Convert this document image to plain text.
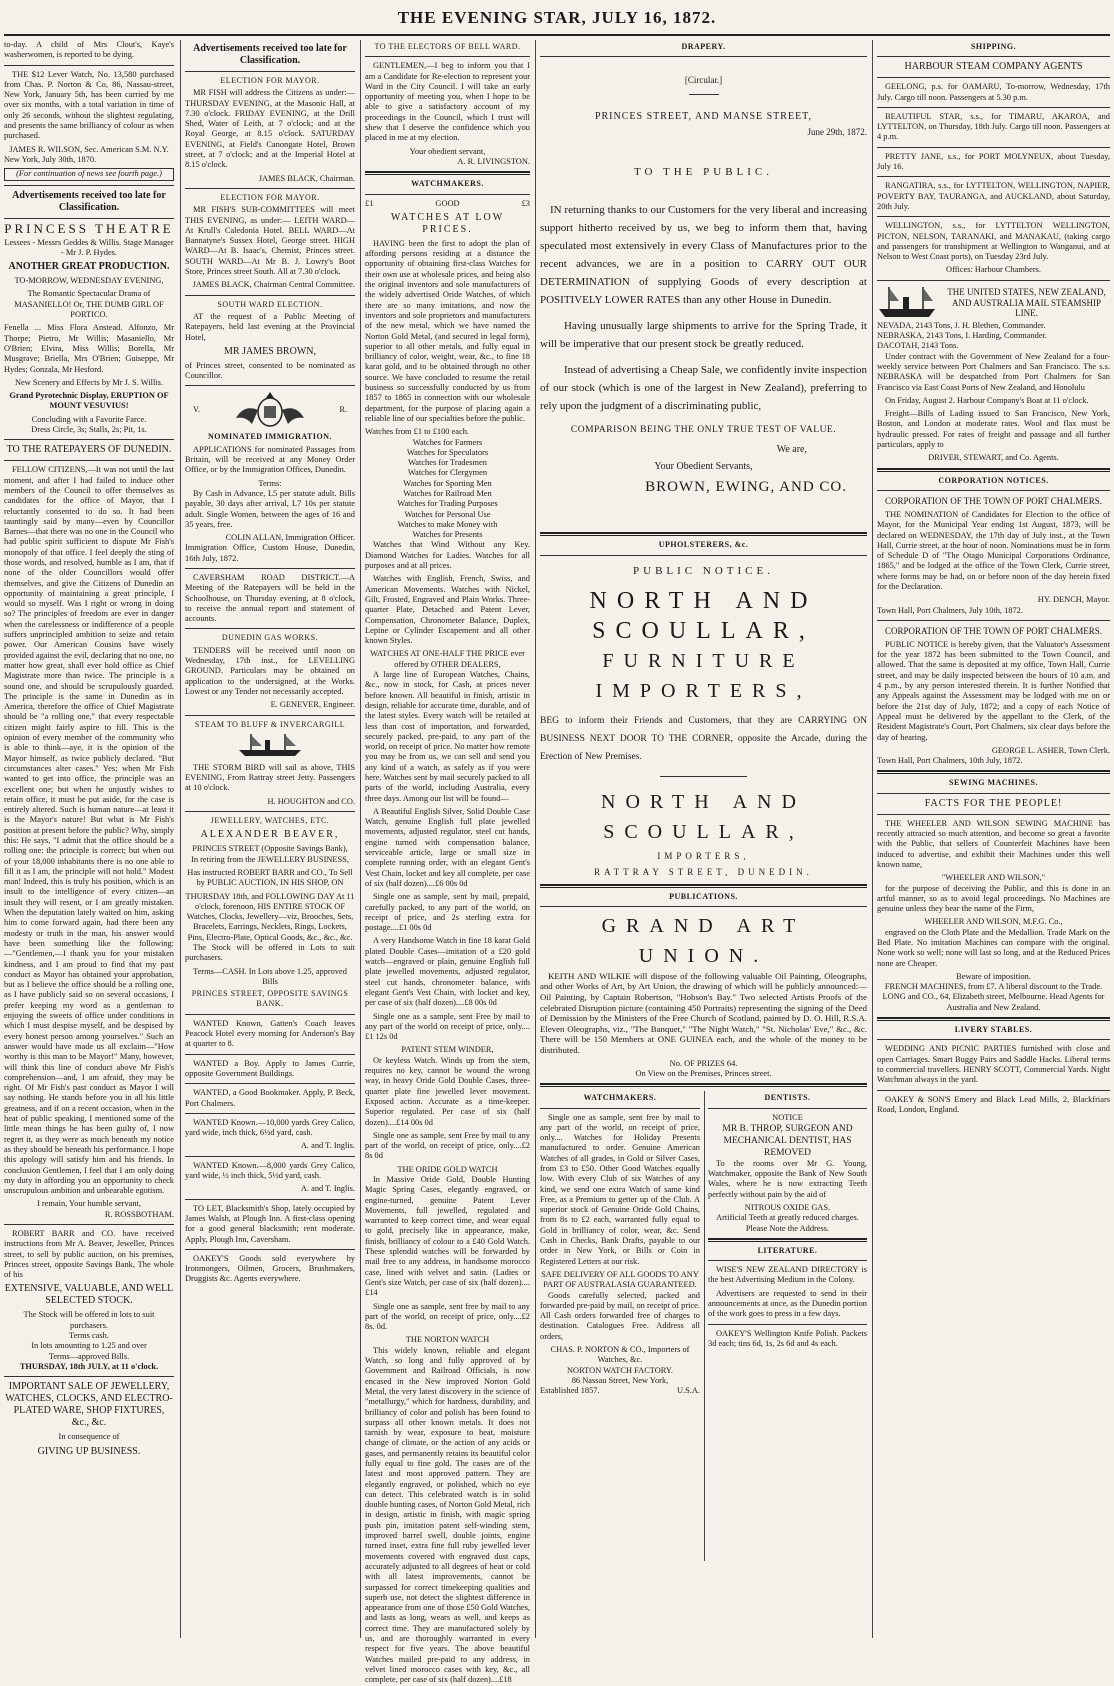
THE EVENING STAR, JULY 16, 1872.

to-day. A child of Mrs Clout's, Kaye's washerwomen, is reported to be dying.

THE $12 Lever Watch, No. 13,580 purchased from Chas. P. Norton & Co, 86, Nassau-street, New York, January 5th, has been carried by me over six months, with a total variation in time of only 26 seconds, without the slightest regulating, and presents the same brilliancy of colour as when purchased.

JAMES R. WILSON, Sec. American S.M. N.Y.
New York, July 30th, 1870.
(For continuation of news see fourth page.)
Advertisements received too late for Classification.
PRINCESS THEATRE
Lessees - Messrs Geddes & Willis. Stage Manager - Mr J. P. Hydes.
ANOTHER GREAT PRODUCTION.
TO-MORROW, WEDNESDAY EVENING,
The Romantic Spectacular Drama of MASANIELLO! Or, THE DUMB GIRL OF PORTICO.

Fenella ... Miss Flora Anstead. Alfonzo, Mr Thorpe; Pietro, Mr Willis; Masaniello, Mr O'Brien; Elvira, Miss Willis; Borella, Mr Musgrave; Briella, Mrs O'Brien; Guiseppe, Mr Hydes; Gonzala, Mr Hesford.

New Scenery and Effects by Mr J. S. Willis.
Grand Pyrotechnic Display, ERUPTION OF MOUNT VESUVIUS!
Concluding with a Favorite Farce.
Dress Circle, 3s; Stalls, 2s; Pit, 1s.
TO THE RATEPAYERS OF DUNEDIN.

FELLOW CITIZENS,—It was not until the last moment, and after I had failed to induce other members of the Council to offer themselves as candidates for the office of Mayor, that I reluctantly consented to do so. It had been tauntingly said by many—even by Councillor Barnes—that there was no one in the Council who had public spirit sufficient to dispute Mr Fish's monopoly of that office. I feel deeply the sting of those words, and resolved, humble as I am, that if none of the older Councillors would offer themselves, and give the Citizens of Dunedin an opportunity of maintaining a great principle, I would so myself. Was I right or wrong in doing so? The principles of freedom are ever in danger when the carelessness or indifference of a people suffers unprincipled ambition to seize and retain power. Our American Cousins have wisely provided against the evil, declaring that no one, no matter how great, shall ever hold office as Chief Magistrate more than twice. The principle is a sound one, and should be scrupulously guarded. The principle is the same in Dunedin as in America, therefore the office of Chief Magistrate should be "a rolling one," that every respectable citizen might fairly aspire to fill. This is the opinion of every member of the community who is able to think—aye, it is the opinion of the Mayor himself, as twice publicly declared. "But circumstances alter cases." Yes; when Mr Fish wanted to get into office, the principle was an excellent one; but when he unjustly wishes to retain office, it must be put aside, for the case is entirely altered. Such is human nature—at least it is the Mayor's nature! But what is Mr Fish's position at present before the public? Why, simply this: He says, "I admit that the office should be a rolling one: the principle is correct; but when out of your 18,000 inhabitants there is no one able to fill it as I am, the principle will not hold." Modest man! Indeed, this is truly his position, which is an insult to the intelligence of every citizen—an insult they will resent, or I am greatly mistaken. When the deputation lately waited on him, asking him to come forward again, had there been any modesty or truth in the man, his answer would have been something like the following:—"Gentlemen,—I thank you for your mistaken kindness, and I am proud to find that my past conduct as Mayor has obtained your approbation, but as I believe the office should be a rolling one, as I have publicly said so on several occasions, I prefer keeping my word as a gentleman to enjoying the sweets of office under conditions in which I must despise myself, and be despised by every honest person among yourselves." Such an answer would have made us all exclaim—"How worthy is this man to be Mayor!" Many, however, will think this line of conduct above Mr Fish's comprehension—and, I am afraid, they may be right. Of Mr Fish's past conduct as Mayor I will say nothing. He stands before you in all his little greatness, and if on a recent occasion, when in the heat of public speaking, I mentioned some of the little mean things he has been guilty of, I now regret it, as they were as much beneath my notice as they should be beneath his performance. I hope this apology will satisfy him and his friends. In conclusion Gentlemen, I feel that I am only doing my duty in affording you an opportunity to check unscrupulous ambition and unbearable egotism.

I remain, Your humble servant,
R. ROSSBOTHAM.

ROBERT BARR and CO. have received instructions from Mr A. Beaver, Jeweller, Princes street, to sell by public auction, on his premises, Princes street, opposite Savings Bank, The whole of his

EXTENSIVE, VALUABLE, AND WELL SELECTED STOCK.
The Stock will be offered in lots to suit purchasers.
Terms cash.
In lots amounting to 1.25 and over
Terms—approved Bills.
THURSDAY, 18th JULY, at 11 o'clock.
IMPORTANT SALE OF JEWELLERY, WATCHES, CLOCKS, AND ELECTRO-PLATED WARE, SHOP FIXTURES, &c., &c.
In consequence of
GIVING UP BUSINESS.
Advertisements received too late for Classification.
ELECTION FOR MAYOR.

MR FISH will address the Citizens as under:— THURSDAY EVENING, at the Masonic Hall, at 7.30 o'clock. FRIDAY EVENING, at the Drill Shed, Water of Leith, at 7 o'clock; and at the Royal George, at 8.15 o'clock. SATURDAY EVENING, at Field's Canongate Hotel, Brown street, at 7 o'clock; and at the Imperial Hotel at 8.15 o'clock.

JAMES BLACK, Chairman.
ELECTION FOR MAYOR.

MR FISH'S SUB-COMMITTEES will meet THIS EVENING, as under:— LEITH WARD—At Krull's Caledonia Hotel. BELL WARD—At Bannatyne's Sussex Hotel, George street. HIGH WARD—At B. Isaac's, Chemist, Princes street. SOUTH WARD—At Mr B. J. Lowry's Boot Store, Princes street South. All at 7.30 o'clock.

JAMES BLACK, Chairman Central Committee.
SOUTH WARD ELECTION.

AT the request of a Public Meeting of Ratepayers, held last evening at the Provincial Hotel,

MR JAMES BROWN,

of Princes street, consented to be nominated as Councillor.

V.	R.
NOMINATED IMMIGRATION.

APPLICATIONS for nominated Passages from Britain, will be received at any Money Order Office, or by the Immigration Offices, Dunedin.

Terms:

By Cash in Advance, L5 per statute adult. Bills payable, 30 days after arrival, L7 10s per statute adult. Single Women, between the ages of 16 and 35 years, free.

COLIN ALLAN, Immigration Officer.
Immigration Office, Custom House, Dunedin, 16th July, 1872.

CAVERSHAM ROAD DISTRICT.—A Meeting of the Ratepayers will be held in the Schoolhouse, on Thursday evening, at 8 o'clock, to receive the annual report and statement of accounts.

DUNEDIN GAS WORKS.

TENDERS will be received until noon on Wednesday, 17th inst., for LEVELLING GROUND. Particulars may be obtained on application to the undersigned, at the Works. Lowest or any Tender not necessarily accepted.

E. GENEVER, Engineer.
STEAM TO BLUFF & INVERCARGILL

THE STORM BIRD will sail as above, THIS EVENING, From Rattray street Jetty. Passengers at 10 o'clock.

H. HOUGHTON and CO.
JEWELLERY, WATCHES, ETC.
ALEXANDER BEAVER,
PRINCES STREET (Opposite Savings Bank),
In retiring from the JEWELLERY BUSINESS,
Has instructed ROBERT BARR and CO., To Sell by PUBLIC AUCTION, IN HIS SHOP, ON
THURSDAY 18th, and FOLLOWING DAY At 11 o'clock, forenoon, HIS ENTIRE STOCK OF
Watches, Clocks, Jewellery—viz, Brooches, Sets, Bracelets, Earrings, Necklets, Rings, Lockets, Pins, Electro-Plate, Optical Goods, &c., &c., &c.

The Stock will be offered in Lots to suit purchasers.

Terms—CASH. In Lots above 1.25, approved Bills
PRINCES STREET, OPPOSITE SAVINGS BANK.

WANTED Known, Gatten's Coach leaves Peacock Hotel every morning for Anderson's Bay at quarter to 8.

WANTED a Boy. Apply to James Currie, opposite Government Buildings.

WANTED, a Good Bookmaker. Apply, P. Beck, Port Chalmers.

WANTED Known.—10,000 yards Grey Calico, yard wide, inch thick, 6½d yard, cash.

A. and T. Inglis.

WANTED Known.—8,000 yards Grey Calico, yard wide, ½ inch thick, 5½d yard, cash.

A. and T. Inglis.

TO LET, Blacksmith's Shop, lately occupied by James Walsh, at Plough Inn. A first-class opening for a good general blacksmith; rent moderate. Apply, Plough Inn, Caversham.

OAKEY'S Goods sold everywhere by Ironmongers, Oilmen, Grocers, Brushmakers, Druggists &c. Agents everywhere.

TO THE ELECTORS OF BELL WARD.

GENTLEMEN,—I beg to inform you that I am a Candidate for Re-election to represent your Ward in the City Council. I will take an early opportunity of meeting you, when I hope to be able to give a satisfactory account of my proceedings in the Council, which I trust will shew that I deserve the confidence which you placed in me at my election.

Your obedient servant,
A. R. LIVINGSTON.
WATCHMAKERS.
£1	GOOD	£3
WATCHES AT LOW PRICES.

HAVING been the first to adopt the plan of affording persons residing at a distance the opportunity of obtaining first-class Watches for their own use at wholesale prices, and being also the original inventors and sole manufacturers of the widely advertised Oride Watches, of which there are so many imitations, and now the inventors and sole proprietors and manufacturers of the new metal, which we have named the Norton Gold Metal, (and secured in legal form), superior to all other metals, and fully equal in brilliancy of color, weight, wear, &c., to fine 18 karat gold, and to be obtained through no other source. We have concluded to resume the retail business so successfully conducted by us from 1857 to 1865 in connection with our wholesale department, for the purpose of placing again a reliable line of our specialties before the public.

Watches from £1 to £100 each.
Watches for Farmers
Watches for Speculators
Watches for Tradesmen
Watches for Clergymen
Watches for Sporting Men
Watches for Railroad Men
Watches for Trading Purposes
Watches for Personal Use
Watches to make Money with
Watches for Presents

Watches that Wind Without any Key. Diamond Watches for Ladies. Watches for all purposes and at all prices.

Watches with English, French, Swiss, and American Movements. Watches with Nickel, Gilt, Frosted, Engraved and Plain Works. Three-quarter Plate, Detached and Patent Lever, Compensation, Chronometer Balance, Duplex, Lepine or Cylinder Escapement and all other known Styles.

WATCHES AT ONE-HALF THE PRICE ever offered by OTHER DEALERS,

A large line of European Watches, Chains, &c., now in stock, for Cash, at prices never before known. All beautiful in finish, artistic in design, reliable for accurate time, durable, and of the latest styles. Every watch will be retailed at less than cost of importation, and forwarded, securely packed, pre-paid, to any part of the world, on receipt of price. No matter how remote you may be from us, we can sell and send you any kind of a watch, as safely as if you were here. Watches sent by mail securely packed to all parts of the world, including Australia, every three days. Among our list will be found—

A Beautiful English Silver, Solid Double Case Watch, genuine English full plate jewelled movements, adjusted regulator, steel cut hands, engine turned with compensation balance, serviceable article, large or small size in complete running order, with an elegant Gent's Vest Chain, locket and key all complete, per case of six (half dozen)....£6 00s 0d

Single one as sample, sent by mail, prepaid, carefully packed, to any part of the world, on receipt of price, and 2s sterling extra for postage....£1 00s 0d

A very Handsome Watch in fine 18 karat Gold plated Double Cases—imitation of a £20 gold watch—engraved or plain, genuine English full plate jewelled movements, adjusted regulator, steel cut hands, chronometer balance, with elegant Gent's Vest Chain, with locket and key, per case of six (half dozen)....£8 00s 0d

Single one as a sample, sent Free by mail to any part of the world on receipt of price, only....£1 12s 0d

PATENT STEM WINDER,

Or keyless Watch. Winds up from the stem, requires no key, cannot be wound the wrong way, in heavy Oride Gold Double Cases, three-quarter plate fine jewelled lever movement. Exposed action. Accurate as a time-keeper. Superior regulated. Per case of six (half dozen)....£14 00s 0d

Single one as sample, sent Free by mail to any part of the world, on receipt of price, only....£2 8s 0d

THE ORIDE GOLD WATCH

In Massive Oride Gold, Double Hunting Magic Spring Cases, elegantly engraved, or engine-turned, genuine Patent Lever Movements, full jewelled, regulated and warranted to keep correct time, and wear equal to gold, precisely like in appearance, make, finish, brilliancy of colour to a £40 Gold Watch. These splendid watches will be forwarded by mail free to any address, in handsome morocco case, lined with velvet and satin. (Ladies or Gent's size Watch, per case of six (half dozen)....£14

Single one as sample, sent free by mail to any part of the world, on receipt of price, only....£2 8s. 0d.

THE NORTON WATCH

This widely known, reliable and elegant Watch, so long and fully approved of by Government and Railroad Officials, is now encased in the New improved Norton Gold Metal, the very latest discovery in the science of "metallurgy," which for hardness, durability, and brilliancy of color and polish has been found to surpass all other known metals. It does not tarnish by wear, exposure to heat, moisture change of climate, or the action of any acids or gases, and permanently retains its beautiful color fully equal to fine gold. The cases are of the latest and most approved pattern. They are elegantly engraved, or polished, which no eye can detect. This celebrated watch is in solid double hunting cases, of Norton Gold Metal, rich in design, artistic in finish, with magic spring push pin, imitation patent self-winding stem, improved barrel swell, double joints, engine turned inset, extra fine full ruby jewelled lever movements covered with engraved dust caps, accurately adjusted to all degrees of heat or cold with all latest improvements, cannot be surpassed for correct timekeeping qualities and superb use, not detect the slightest difference in appearance from one of those £50 Gold Watches, and lasts as long, wears as well, and keeps as correct time. They are manufactured solely by us, and are thoroughly warranted in every respect for five years. The above beautiful Watches mailed pre-paid to any address, in velvet lined morocco cases with key, &c., all complete, per case of six (half dozen)....£18

DRAPERY.
[Circular.]
PRINCES STREET, AND MANSE STREET,
June 29th, 1872.
TO THE PUBLIC.
IN returning thanks to our Customers for the very liberal and increasing support hitherto received by us, we beg to inform them that, having speculated most extensively in every Class of Manufactures prior to the recent advances, we are in a position to CARRY OUT OUR DETERMINATION of supplying Goods of every description at POSITIVELY LOWER RATES than any other House in Dunedin.
Having unusually large shipments to arrive for the Spring Trade, it will be imperative that our present stock be greatly reduced.
Instead of advertising a Cheap Sale, we confidently invite inspection of our stock (which is one of the largest in New Zealand), preferring to rely upon the judgment of a discriminating public,
COMPARISON BEING THE ONLY TRUE TEST OF VALUE.
We are,
Your Obedient Servants,
BROWN, EWING, AND CO.
UPHOLSTERERS, &c.
PUBLIC NOTICE.
NORTH AND SCOULLAR,
FURNITURE IMPORTERS,
BEG to inform their Friends and Customers, that they are CARRYING ON BUSINESS NEXT DOOR TO THE CORNER, opposite the Arcade, during the Erection of New Premises.
NORTH AND SCOULLAR,
IMPORTERS,
RATTRAY STREET, DUNEDIN.
PUBLICATIONS.
GRAND ART UNION.

KEITH AND WILKIE will dispose of the following valuable Oil Painting, Oleographs, and other Works of Art, by Art Union, the drawing of which will be publicly announced:— Oil Painting, by Captain Robertson, "Hobson's Bay." Two selected Artists Proofs of the celebrated Disruption picture (containing 450 Portraits) representing the signing of the Deed of Demission by the Ministers of the Free Church of Scotland, painted by D. O. Hill, R.S.A. Eleven Oleographs, viz., "The Banquet," "The Night Watch," "St. Nicholas' Eve," &c., &c. There will be 150 Members at ONE GUINEA each, and the whole of the money to be distributed.

No. OF PRIZES 64.
On View on the Premises, Princes street.
WATCHMAKERS.

Single one as sample, sent free by mail to any part of the world, on receipt of price, only.... Watches for Holiday Presents manufactured to order. Genuine American Watches of all grades, in Gold or Silver Cases, from £3 to £50. Other Good Watches equally low. With every Club of six Watches of any kind, we send one extra Watch of same kind Free, as a Premium to getter up of the Club. A superior stock of Genuine Oride Gold Chains, from 8s to £2 each, warranted fully equal to Gold in brilliancy of color, wear, &c. Send Cash in Checks, Bank Drafts, payable to our order in New York, or Bills or Coin in Registered Letters at our risk.

SAFE DELIVERY OF ALL GOODS TO ANY PART OF AUSTRALASIA GUARANTEED.

Goods carefully selected, packed and forwarded pre-paid by mail, on receipt of price. All Cash orders forwarded free of charges to destination. Catalogues Free. Address all orders,

CHAS. P. NORTON & CO., Importers of Watches, &c.
NORTON WATCH FACTORY.
86 Nassau Street, New York,
Established 1857.	U.S.A.
DENTISTS.
NOTICE
MR B. THROP, SURGEON AND MECHANICAL DENTIST, HAS REMOVED

To the rooms over Mr G. Young, Watchmaker, opposite the Bank of New South Wales, where he is now extracting Teeth perfectly without pain by the aid of

NITROUS OXIDE GAS.
Artificial Teeth at greatly reduced charges. Please Note the Address.
LITERATURE.

WISE'S NEW ZEALAND DIRECTORY is the best Advertising Medium in the Colony.

Advertisers are requested to send in their announcements at once, as the Dunedin portion of the work goes to press in a few days.

OAKEY'S Wellington Knife Polish. Packets 3d each; tins 6d, 1s, 2s 6d and 4s each.

SHIPPING.
HARBOUR STEAM COMPANY AGENTS

GEELONG, p.s. for OAMARU, To-morrow, Wednesday, 17th July. Cargo till noon. Passengers at 5.30 p.m.

BEAUTIFUL STAR, s.s., for TIMARU, AKAROA, and LYTTELTON, on Thursday, 18th July. Cargo till noon. Passengers at 4 p.m.

PRETTY JANE, s.s., for PORT MOLYNEUX, about Tuesday, July 16.

RANGATIRA, s.s., for LYTTELTON, WELLINGTON, NAPIER, POVERTY BAY, TAURANGA, and AUCKLAND, about Saturday, 20th July.

WELLINGTON, s.s., for LYTTELTON WELLINGTON, PICTON, NELSON, TARANAKI, and MANAKAU, (taking cargo and passengers for transhipment at Wellington to Wanganui, and at Nelson to West Coast ports), on Tuesday 23rd July.

Offices: Harbour Chambers.
THE UNITED STATES, NEW ZEALAND, AND AUSTRALIA MAIL STEAMSHIP LINE.
NEVADA, 2143 Tons, J. H. Blethen, Commander.
NEBRASKA, 2143 Tons, I. Harding, Commander.
DACOTAH, 2143 Tons.

Under contract with the Government of New Zealand for a four-weekly service between Port Chalmers and San Francisco. The s.s. NEBRASKA will be despatched from Port Chalmers for San Francisco via East Coast Ports of New Zealand, and Honolulu

On Friday, August 2. Harbour Company's Boat at 11 o'clock.

Freight—Bills of Lading issued to San Francisco, New York, Boston, and London at moderate rates. Wool and flax must be hydraulic pressed. For rates of freight and passage and all further particulars, apply to

DRIVER, STEWART, and Co. Agents.
CORPORATION NOTICES.
CORPORATION OF THE TOWN OF PORT CHALMERS.

THE NOMINATION of Candidates for Election to the office of Mayor, for the Municipal Year ending 1st August, 1873, will be declared on WEDNESDAY, the 17th day of July inst., at the Town Hall, Currie street, at the hour of noon. Nominations must be in form of Schedule D of "The Otago Municipal Corporations Ordinance, 1865," and be lodged at the office of the Town Clerk, Currie street, where forms may be had, on or before noon of the day herein fixed for the Declaration.

HY. DENCH, Mayor.
Town Hall, Port Chalmers, July 10th, 1872.
CORPORATION OF THE TOWN OF PORT CHALMERS.

PUBLIC NOTICE is hereby given, that the Valuator's Assessment for the year 1872 has been submitted to the Town Council, and allowed. That the same is deposited at my office, Town Hall, Currie street, and may be daily inspected between the hours of 10 a.m. and 4 p.m., by any person interested therein. It is further Notified that any Appeals against the Assessment may be lodged with me on or before the 21st day of July, 1872; and a copy of each Notice of Appeal must be delivered by the appellant to the Clerk, of the Resident Magistrate's Court, Port Chalmers, six clear days before the day of hearing,

GEORGE L. ASHER, Town Clerk.
Town Hall, Port Chalmers, 10th July, 1872.
SEWING MACHINES.
FACTS FOR THE PEOPLE!

THE WHEELER AND WILSON SEWING MACHINE has recently attracted so much attention, and become so great a favorite with the Public, that sellers of Counterfeit Machines have been induced to advertise, and exhibit their Machines under this well known name,

"WHEELER AND WILSON,"

for the purpose of deceiving the Public, and this is done in an artful manner, so as to avoid legal proceedings. No Machines are genuine unless they bear the name of the Firm,

WHEELER AND WILSON, M.F.G. Co.,

engraved on the Cloth Plate and the Medallion. Trade Mark on the Bed Plate. No imitation Machines can compare with the original. None work so well; none will last so long, and at the Reduced Prices none are Cheaper.

Beware of imposition.
FRENCH MACHINES, from £7. A liberal discount to the Trade.
LONG and CO., 64, Elizabeth street, Melbourne. Head Agents for Australia and New Zealand.
LIVERY STABLES.

WEDDING AND PICNIC PARTIES furnished with close and open Carriages. Smart Buggy Pairs and Saddle Hacks. Liberal terms to commercial travellers. HENRY SCOTT, Commercial Yards. Night Watchman always in the yard.

OAKEY & SON'S Emery and Black Lead Mills, 2, Blackfriars Road, London, England.
